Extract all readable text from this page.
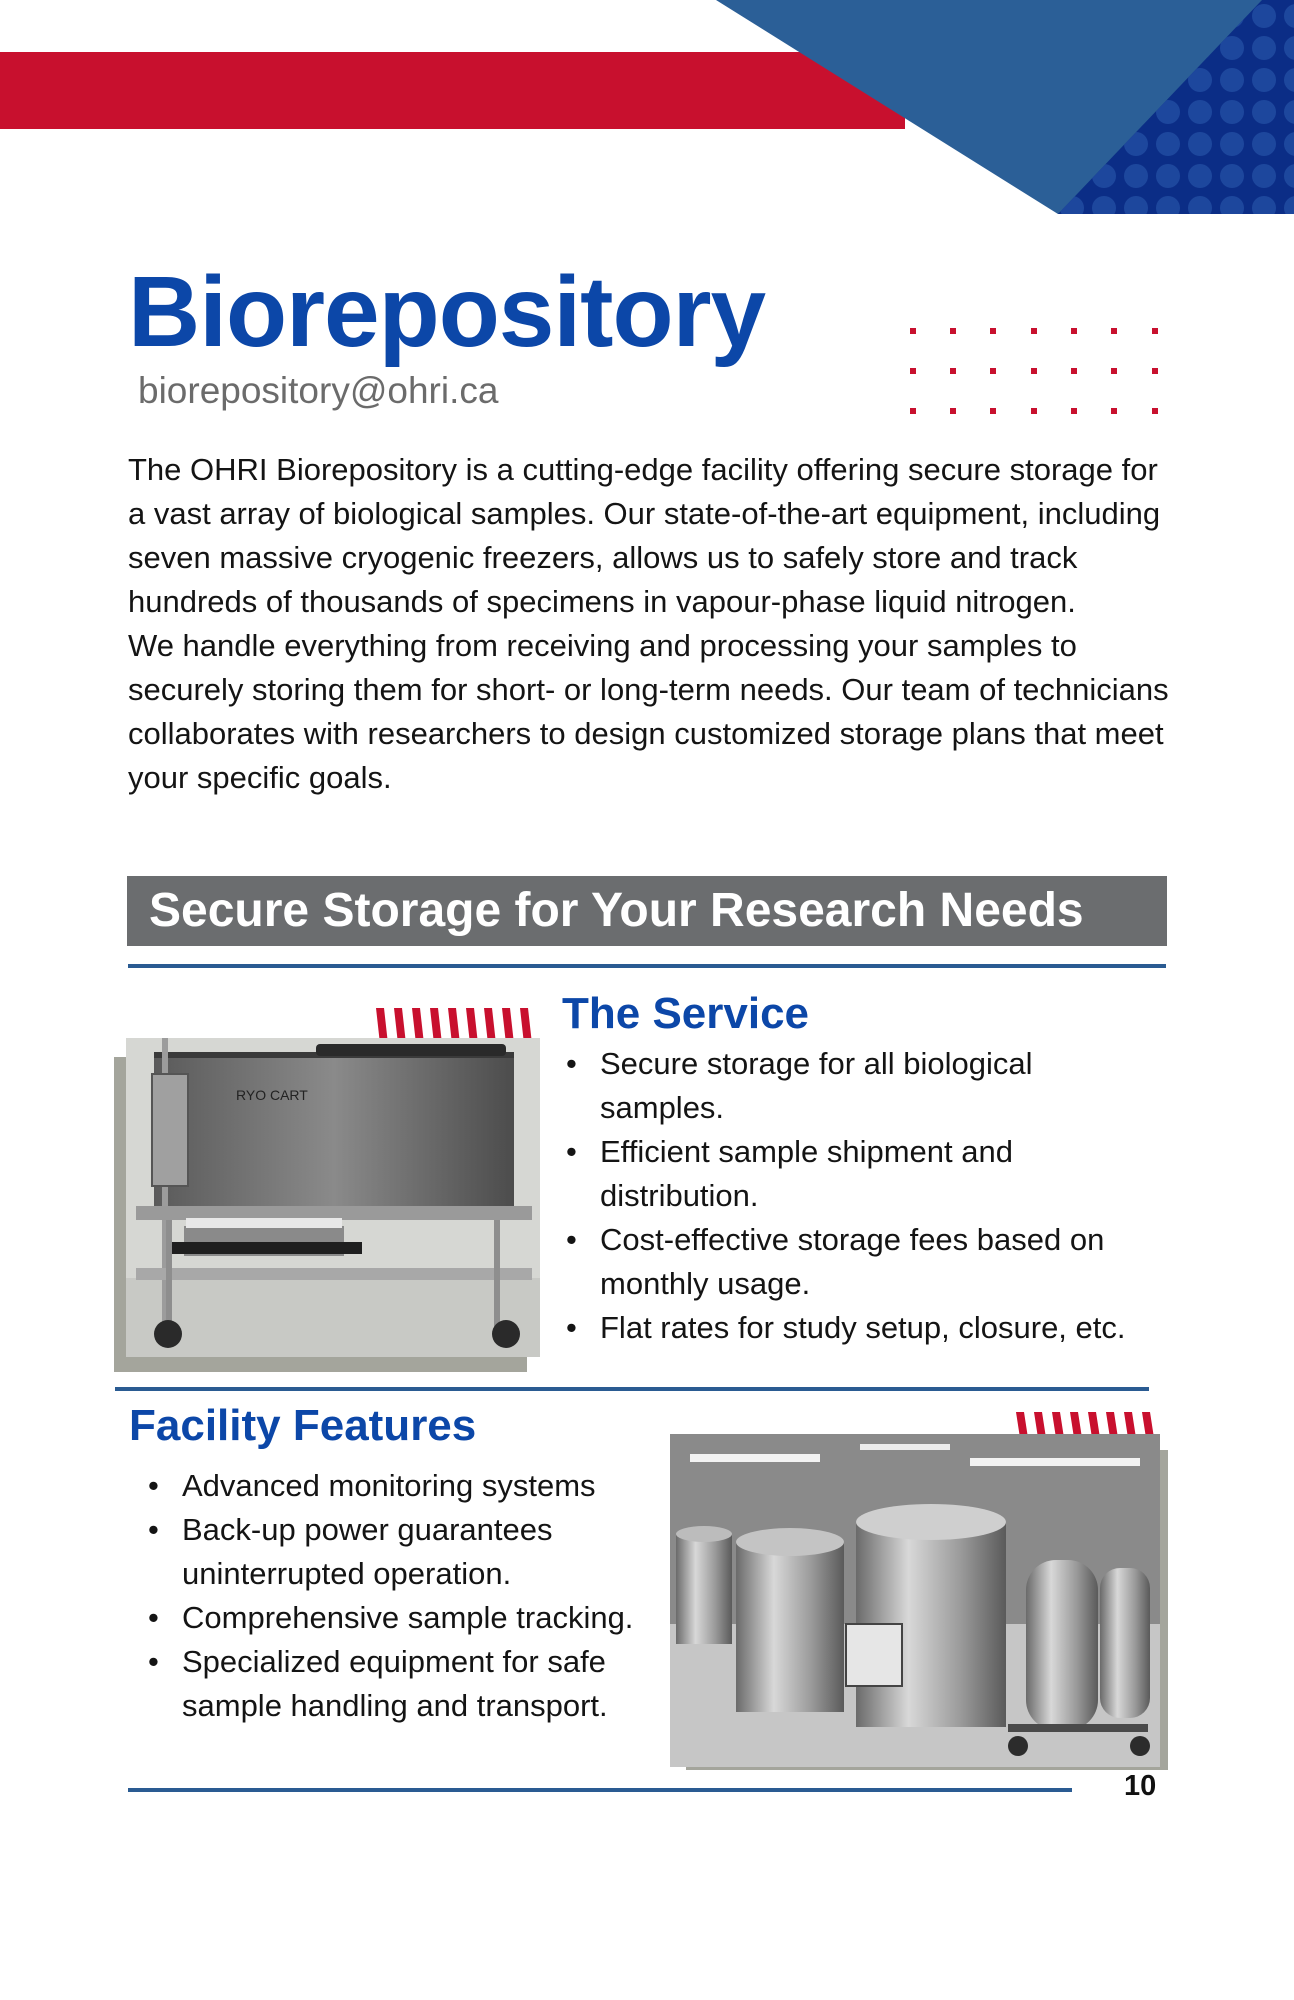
Biorepository
biorepository@ohri.ca

The OHRI Biorepository is a cutting-edge facility offering secure storage for a vast array of biological samples. Our state-of-the-art equipment, including seven massive cryogenic freezers, allows us to safely store and track hundreds of thousands of specimens in vapour-phase liquid nitrogen.

We handle everything from receiving and processing your samples to securely storing them for short- or long-term needs. Our team of technicians collaborates with researchers to design customized storage plans that meet your specific goals.

Secure Storage for Your Research Needs
RYO CART
The Service
• Secure storage for all biological samples.
• Efficient sample shipment and distribution.
• Cost-effective storage fees based on monthly usage.
• Flat rates for study setup, closure, etc.
Facility Features
• Advanced monitoring systems
• Back-up power guarantees uninterrupted operation.
• Comprehensive sample tracking.
• Specialized equipment for safe sample handling and transport.
10
